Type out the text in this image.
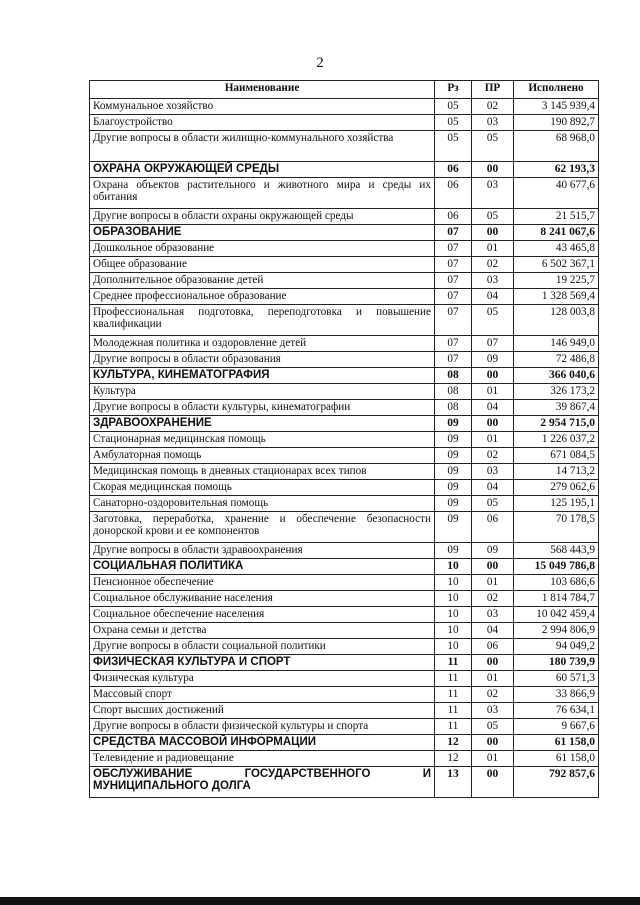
2
Наименование	Рз	ПР	Исполнено
Коммунальное хозяйство	05	02	3 145 939,4
Благоустройство	05	03	190 892,7
Другие вопросы в области жилищно-коммунального хозяйства	05	05	68 968,0
ОХРАНА ОКРУЖАЮЩЕЙ СРЕДЫ	06	00	62 193,3
Охрана объектов растительного и животного мира и среды их обитания	06	03	40 677,6
Другие вопросы в области охраны окружающей среды	06	05	21 515,7
ОБРАЗОВАНИЕ	07	00	8 241 067,6
Дошкольное образование	07	01	43 465,8
Общее образование	07	02	6 502 367,1
Дополнительное образование детей	07	03	19 225,7
Среднее профессиональное образование	07	04	1 328 569,4
Профессиональная подготовка, переподготовка и повышение квалификации	07	05	128 003,8
Молодежная политика и оздоровление детей	07	07	146 949,0
Другие вопросы в области образования	07	09	72 486,8
КУЛЬТУРА, КИНЕМАТОГРАФИЯ	08	00	366 040,6
Культура	08	01	326 173,2
Другие вопросы в области культуры, кинематографии	08	04	39 867,4
ЗДРАВООХРАНЕНИЕ	09	00	2 954 715,0
Стационарная медицинская помощь	09	01	1 226 037,2
Амбулаторная помощь	09	02	671 084,5
Медицинская помощь в дневных стационарах всех типов	09	03	14 713,2
Скорая медицинская помощь	09	04	279 062,6
Санаторно-оздоровительная помощь	09	05	125 195,1
Заготовка, переработка, хранение и обеспечение безопасности донорской крови и ее компонентов	09	06	70 178,5
Другие вопросы в области здравоохранения	09	09	568 443,9
СОЦИАЛЬНАЯ ПОЛИТИКА	10	00	15 049 786,8
Пенсионное обеспечение	10	01	103 686,6
Социальное обслуживание населения	10	02	1 814 784,7
Социальное обеспечение населения	10	03	10 042 459,4
Охрана семьи и детства	10	04	2 994 806,9
Другие вопросы в области социальной политики	10	06	94 049,2
ФИЗИЧЕСКАЯ КУЛЬТУРА И СПОРТ	11	00	180 739,9
Физическая культура	11	01	60 571,3
Массовый спорт	11	02	33 866,9
Спорт высших достижений	11	03	76 634,1
Другие вопросы в области физической культуры и спорта	11	05	9 667,6
СРЕДСТВА МАССОВОЙ ИНФОРМАЦИИ	12	00	61 158,0
Телевидение и радиовещание	12	01	61 158,0
ОБСЛУЖИВАНИЕ ГОСУДАРСТВЕННОГО И МУНИЦИПАЛЬНОГО ДОЛГА	13	00	792 857,6
